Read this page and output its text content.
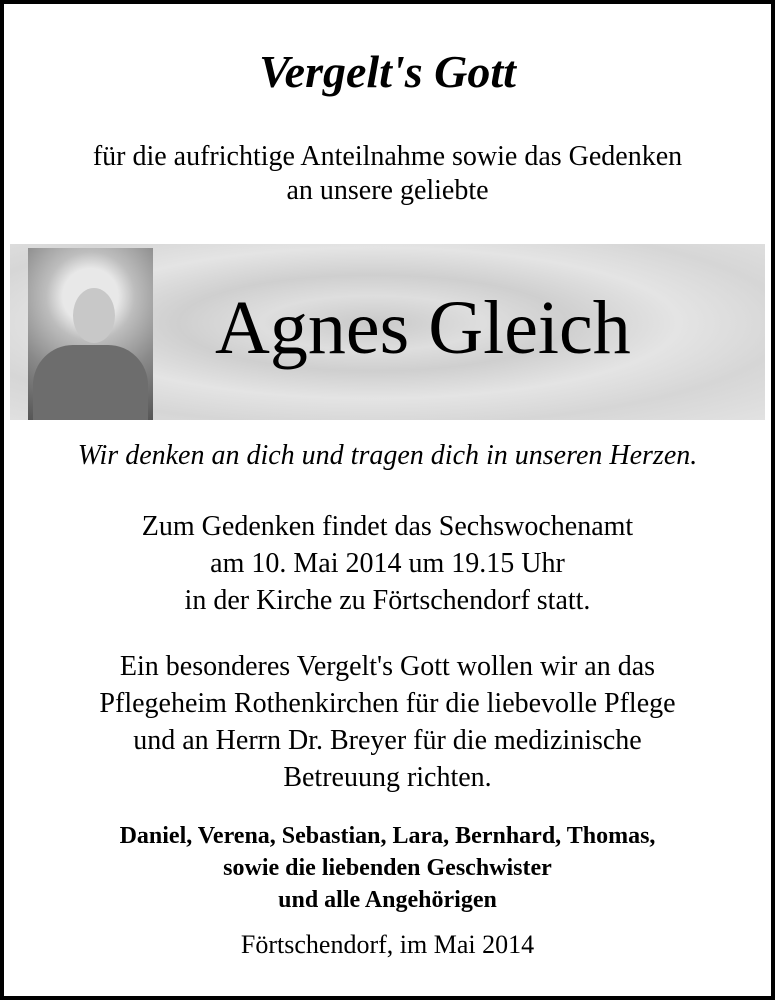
Vergelt's Gott
für die aufrichtige Anteilnahme sowie das Gedenken
an unsere geliebte
Agnes Gleich
Wir denken an dich und tragen dich in unseren Herzen.
Zum Gedenken findet das Sechswochenamt
am 10. Mai 2014 um 19.15 Uhr
in der Kirche zu Förtschendorf statt.
Ein besonderes Vergelt's Gott wollen wir an das
Pflegeheim Rothenkirchen für die liebevolle Pflege
und an Herrn Dr. Breyer für die medizinische
Betreuung richten.
Daniel, Verena, Sebastian, Lara, Bernhard, Thomas,
sowie die liebenden Geschwister
und alle Angehörigen
Förtschendorf, im Mai 2014
